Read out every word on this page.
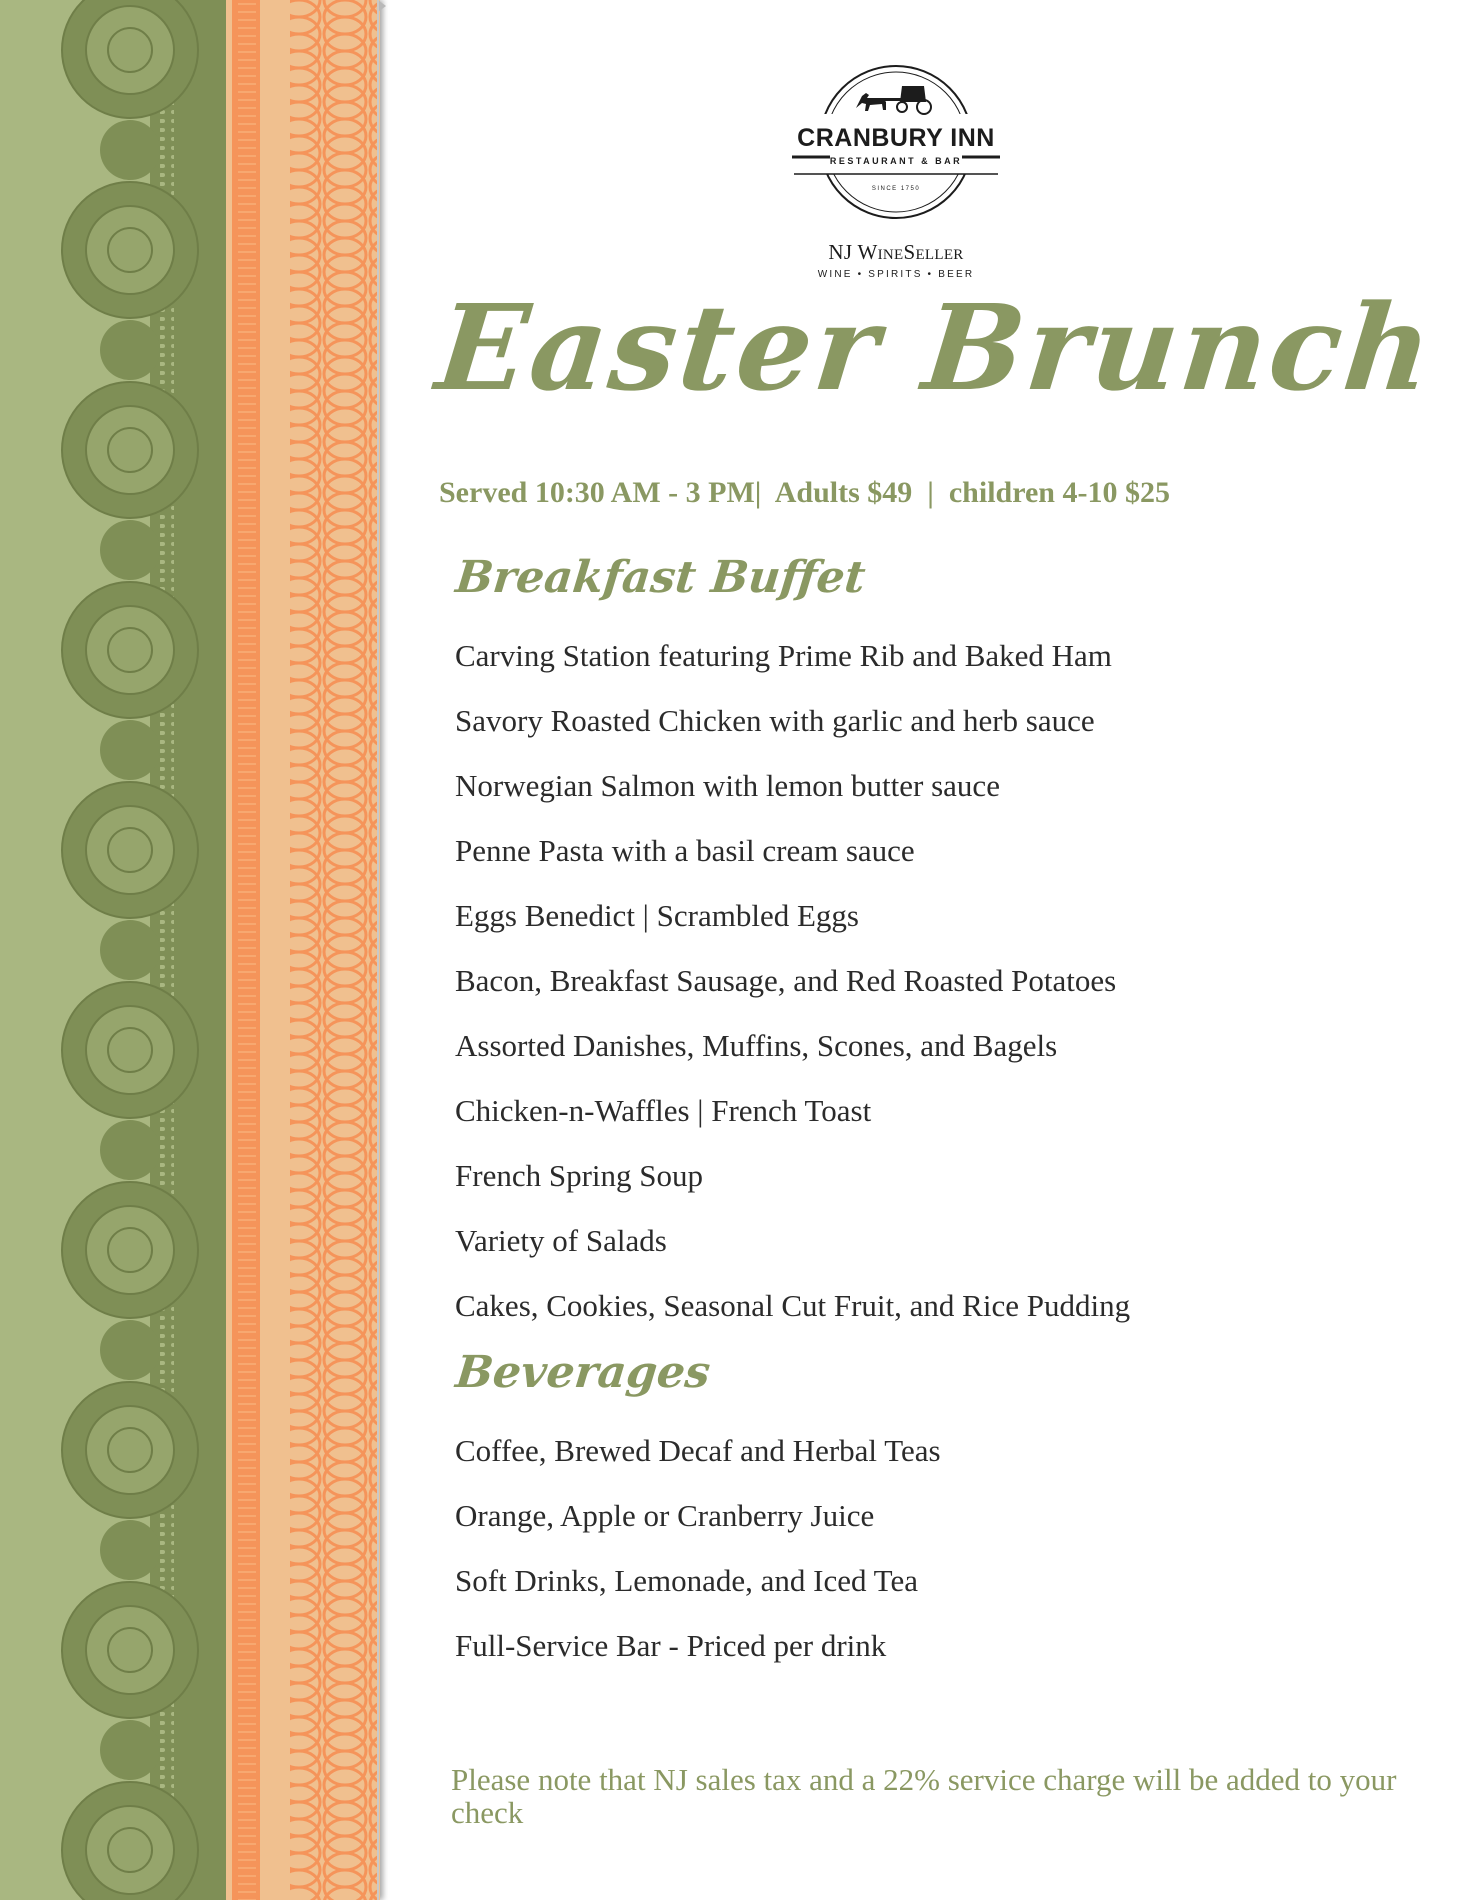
CRANBURY INN
RESTAURANT & BAR
SINCE 1750
NJ WineSeller
WINE • SPIRITS • BEER
Easter Brunch
Served 10:30 AM - 3 PM|  Adults $49  |  children 4-10 $25
Breakfast Buffet
Carving Station featuring Prime Rib and Baked Ham
Savory Roasted Chicken with garlic and herb sauce
Norwegian Salmon with lemon butter sauce
Penne Pasta with a basil cream sauce
Eggs Benedict | Scrambled Eggs
Bacon, Breakfast Sausage, and Red Roasted Potatoes
Assorted Danishes, Muffins, Scones, and Bagels
Chicken-n-Waffles | French Toast
French Spring Soup
Variety of Salads
Cakes, Cookies, Seasonal Cut Fruit, and Rice Pudding
Beverages
Coffee, Brewed Decaf and Herbal Teas
Orange, Apple or Cranberry Juice
Soft Drinks, Lemonade, and Iced Tea
Full-Service Bar - Priced per drink
Please note that NJ sales tax and a 22% service charge will be added to your check
